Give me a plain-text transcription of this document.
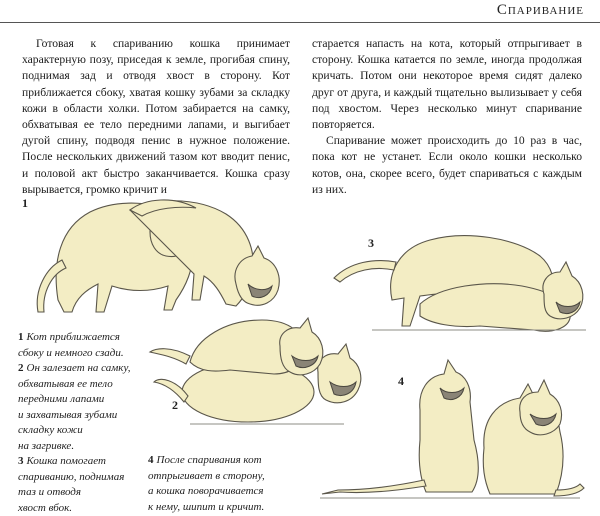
Спаривание

Готовая к спариванию кошка принимает характерную позу, приседая к земле, прогибая спину, поднимая зад и отводя хвост в сторону. Кот приближается сбоку, хватая кошку зубами за складку кожи в области холки. Потом забирается на самку, обхватывая ее тело передними лапами, и выгибает дугой спину, подводя пенис в нужное положение. После нескольких движений тазом кот вводит пенис, и половой акт быстро заканчивается. Кошка сразу вырывается, громко кричит и

старается напасть на кота, который отпрыгивает в сторону. Кошка катается по земле, иногда продолжая кричать. Потом они некоторое время сидят далеко друг от друга, и каждый тщательно вылизывает у себя под хвостом. Через несколько минут спаривание повторяется.

Спаривание может происходить до 10 раз в час, пока кот не устанет. Если около кошки несколько котов, она, скорее всего, будет спариваться с каждым из них.

1
2
3
4
1 Кот приближается
сбоку и немного сзади.
2 Он залезает на самку,
обхватывая ее тело
передними лапами
и захватывая зубами
складку кожи
на загривке.
3 Кошка помогает
спариванию, поднимая
таз и отводя
хвост вбок.
4 После спаривания кот
отпрыгивает в сторону,
а кошка поворачивается
к нему, шипит и кричит.
